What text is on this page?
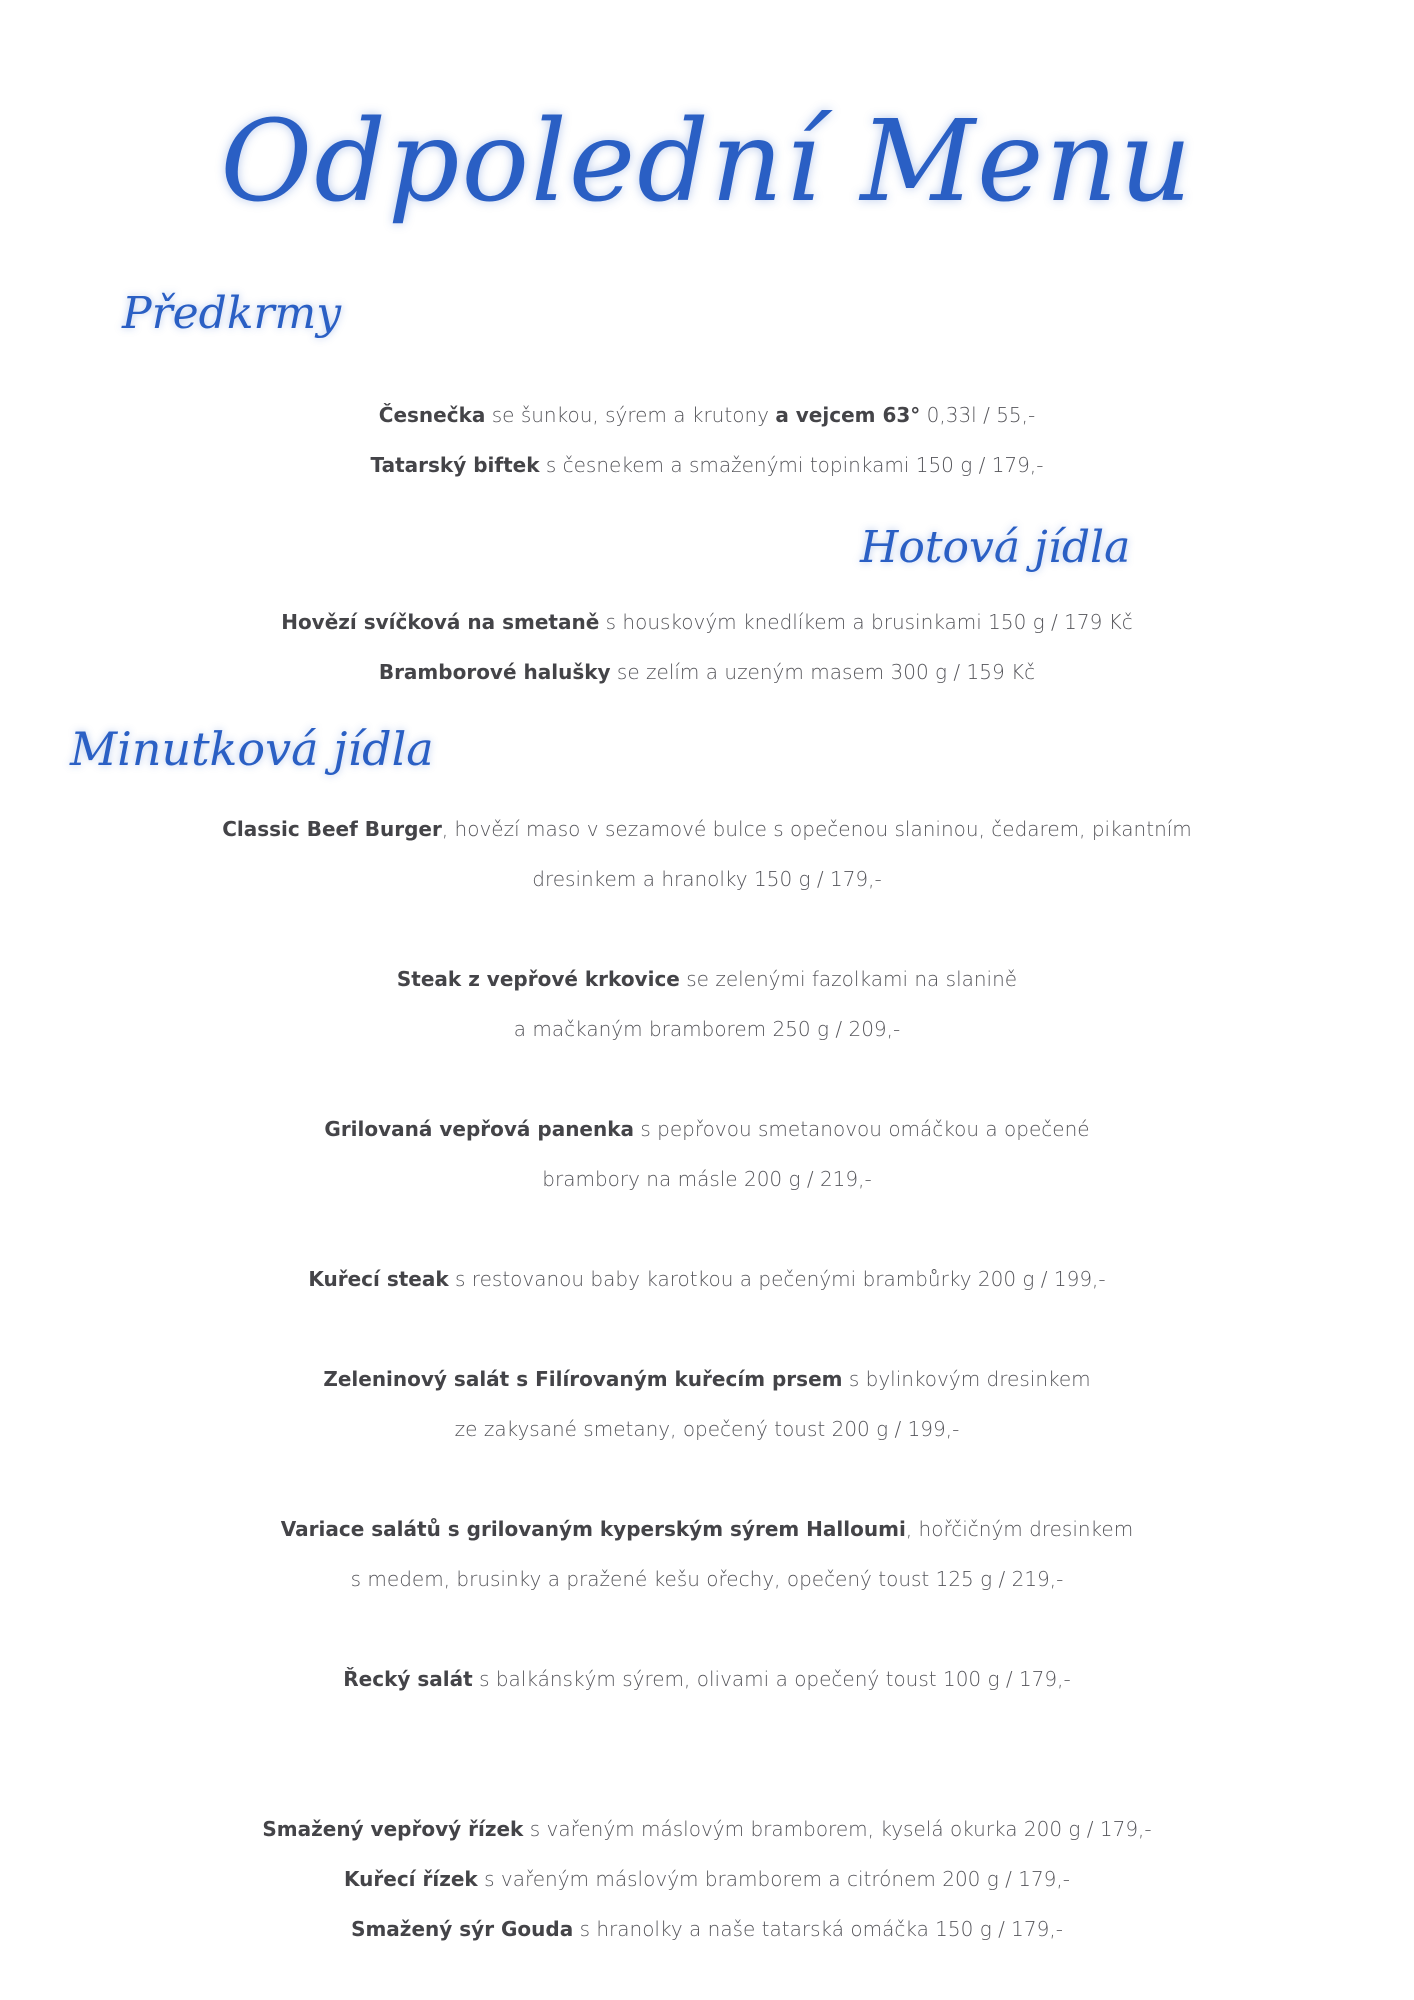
Odpolední Menu
Předkrmy
Česnečka se šunkou, sýrem a krutony a vejcem 63° 0,33l / 55,-
Tatarský biftek s česnekem a smaženými topinkami 150 g / 179,-
Hotová jídla
Hovězí svíčková na smetaně s houskovým knedlíkem a brusinkami 150 g / 179 Kč
Bramborové halušky se zelím a uzeným masem 300 g / 159 Kč
Minutková jídla
Classic Beef Burger, hovězí maso v sezamové bulce s opečenou slaninou, čedarem, pikantním
dresinkem a hranolky 150 g / 179,-
Steak z vepřové krkovice se zelenými fazolkami na slanině
a mačkaným bramborem 250 g / 209,-
Grilovaná vepřová panenka s pepřovou smetanovou omáčkou a opečené
brambory na másle 200 g / 219,-
Kuřecí steak s restovanou baby karotkou a pečenými brambůrky 200 g / 199,-
Zeleninový salát s Filírovaným kuřecím prsem s bylinkovým dresinkem
ze zakysané smetany, opečený toust 200 g / 199,-
Variace salátů s grilovaným kyperským sýrem Halloumi, hořčičným dresinkem
s medem, brusinky a pražené kešu ořechy, opečený toust 125 g / 219,-
Řecký salát s balkánským sýrem, olivami a opečený toust 100 g / 179,-
Smažený vepřový řízek s vařeným máslovým bramborem, kyselá okurka 200 g / 179,-
Kuřecí řízek s vařeným máslovým bramborem a citrónem 200 g / 179,-
Smažený sýr Gouda s hranolky a naše tatarská omáčka 150 g / 179,-
